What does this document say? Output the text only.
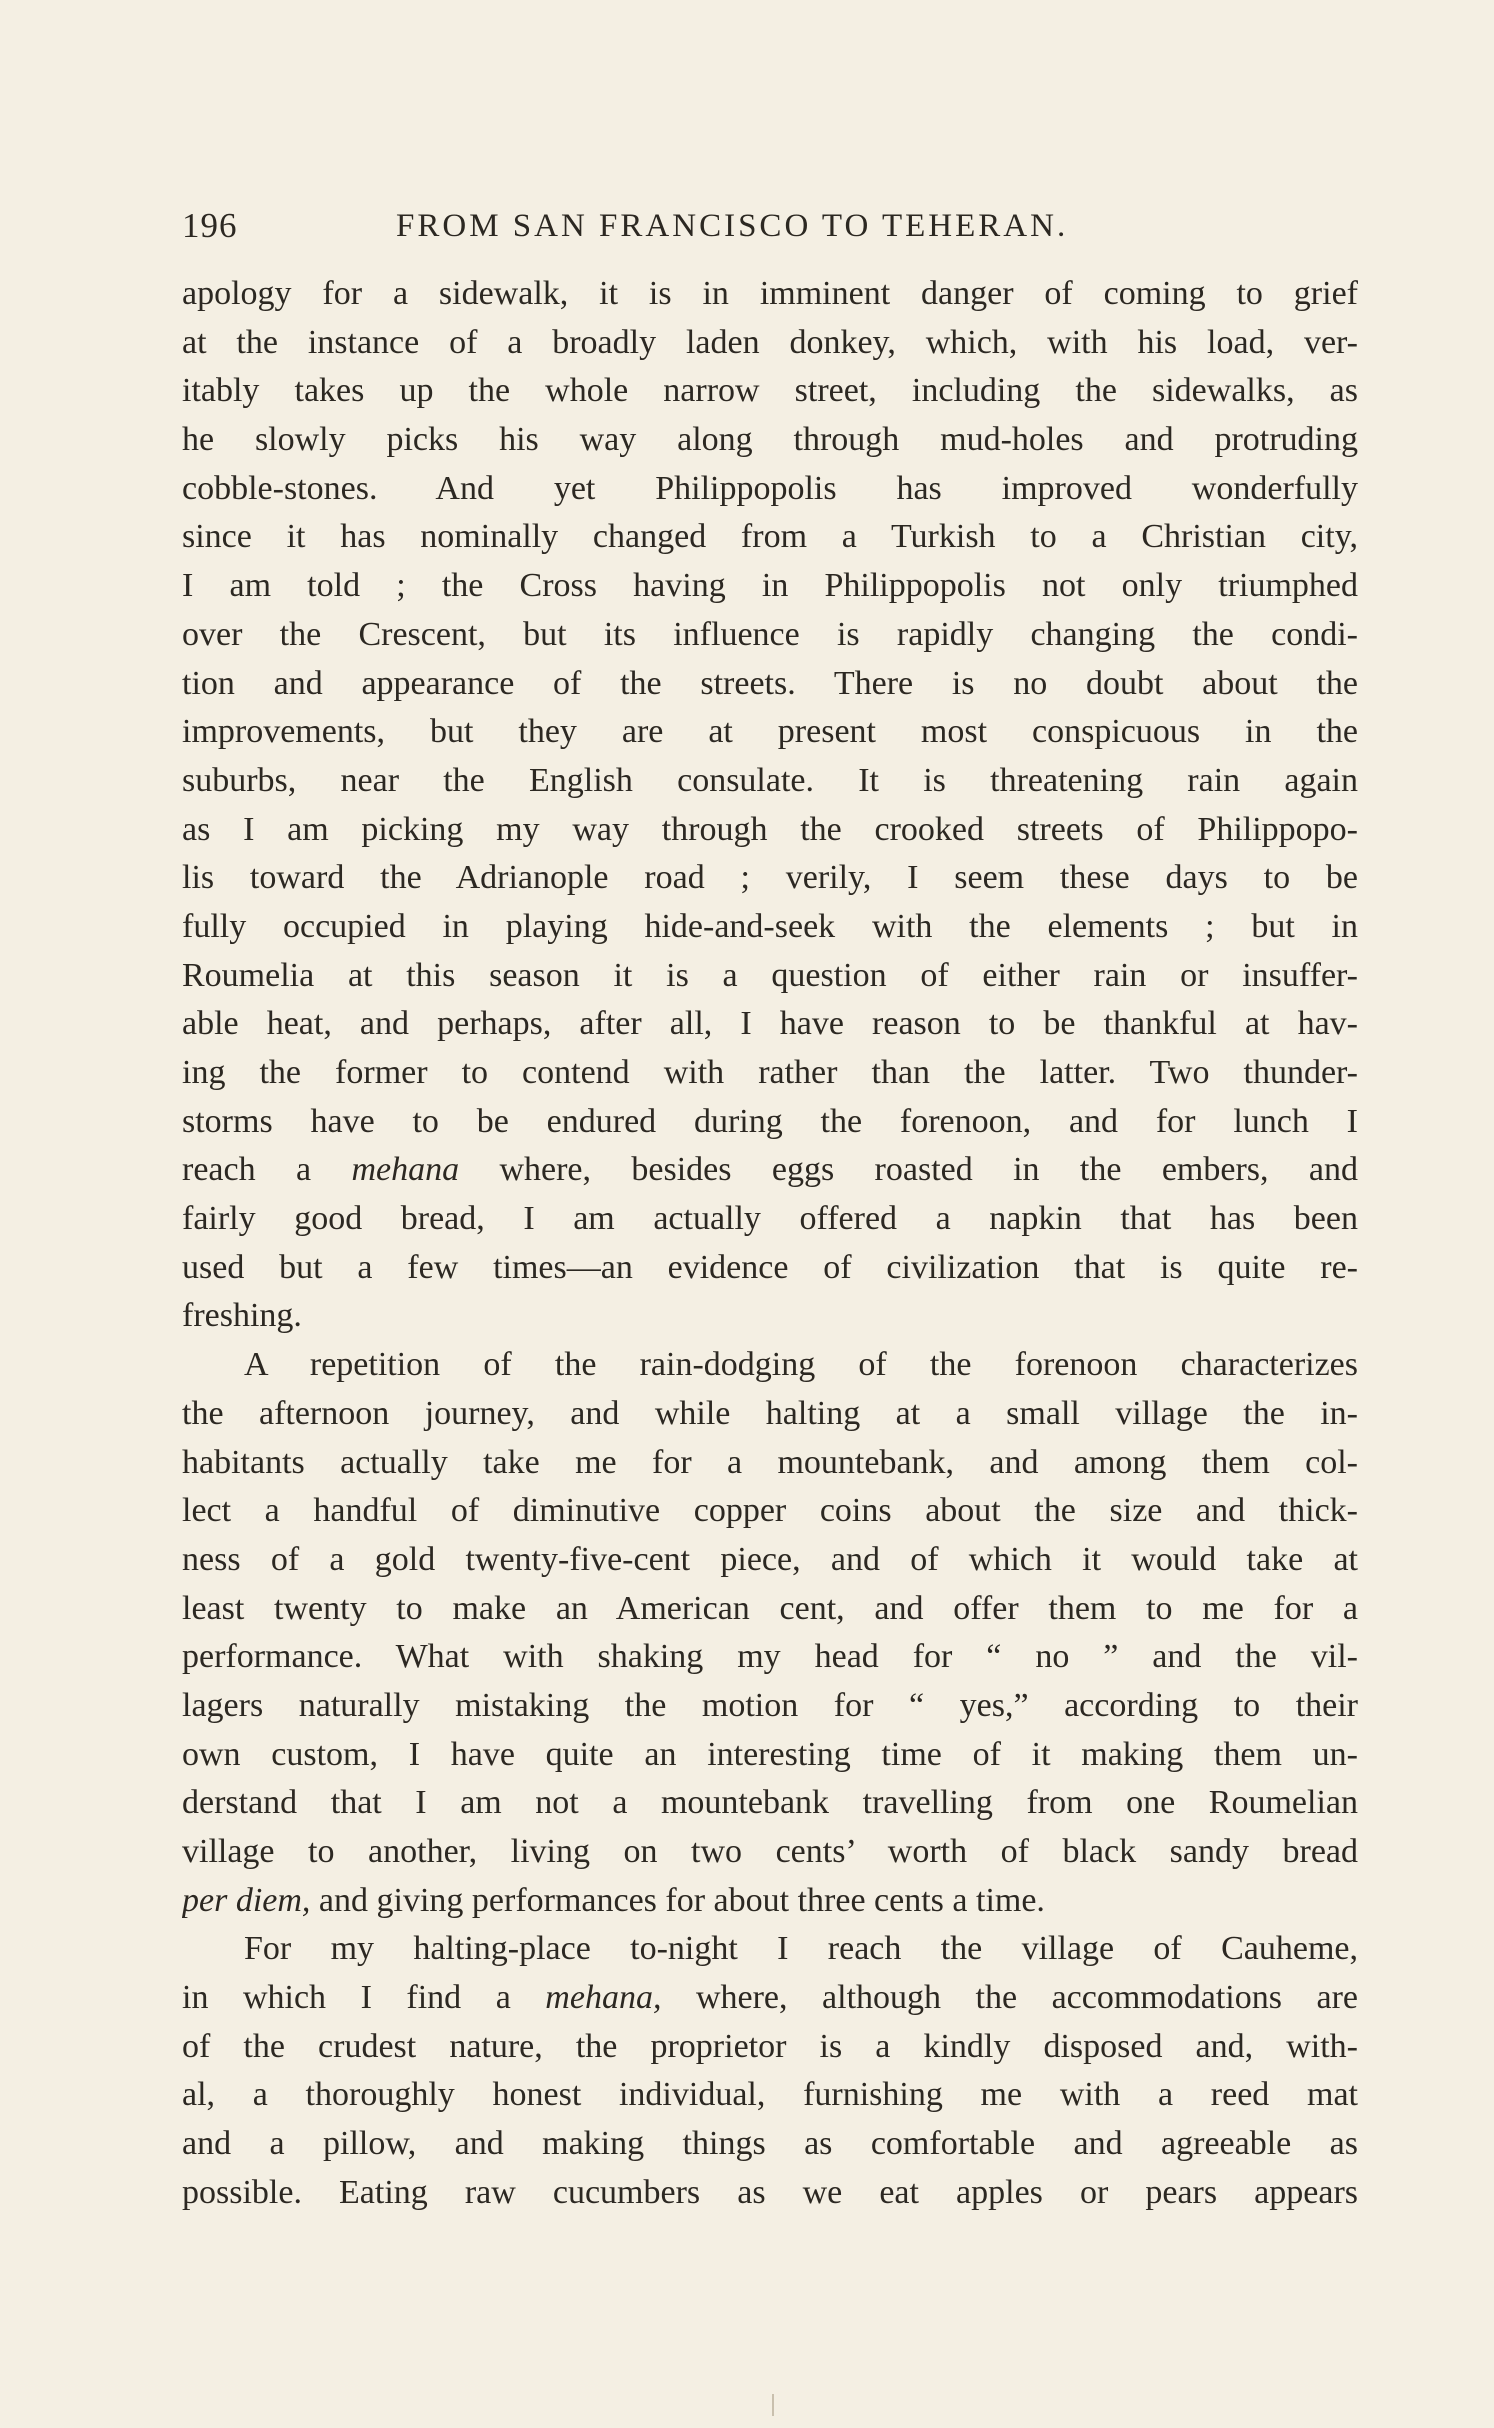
196	FROM SAN FRANCISCO TO TEHERAN.
apology for a sidewalk, it is in imminent danger of coming to grief
at the instance of a broadly laden donkey, which, with his load, ver-
itably takes up the whole narrow street, including the sidewalks, as
he slowly picks his way along through mud-holes and protruding
cobble-stones. And yet Philippopolis has improved wonderfully
since it has nominally changed from a Turkish to a Christian city,
I am told ; the Cross having in Philippopolis not only triumphed
over the Crescent, but its influence is rapidly changing the condi-
tion and appearance of the streets. There is no doubt about the
improvements, but they are at present most conspicuous in the
suburbs, near the English consulate. It is threatening rain again
as I am picking my way through the crooked streets of Philippopo-
lis toward the Adrianople road ; verily, I seem these days to be
fully occupied in playing hide-and-seek with the elements ; but in
Roumelia at this season it is a question of either rain or insuffer-
able heat, and perhaps, after all, I have reason to be thankful at hav-
ing the former to contend with rather than the latter. Two thunder-
storms have to be endured during the forenoon, and for lunch I
reach a mehana where, besides eggs roasted in the embers, and
fairly good bread, I am actually offered a napkin that has been
used but a few times—an evidence of civilization that is quite re-
freshing.
A repetition of the rain-dodging of the forenoon characterizes
the afternoon journey, and while halting at a small village the in-
habitants actually take me for a mountebank, and among them col-
lect a handful of diminutive copper coins about the size and thick-
ness of a gold twenty-five-cent piece, and of which it would take at
least twenty to make an American cent, and offer them to me for a
performance. What with shaking my head for “ no ” and the vil-
lagers naturally mistaking the motion for “ yes,” according to their
own custom, I have quite an interesting time of it making them un-
derstand that I am not a mountebank travelling from one Roumelian
village to another, living on two cents’ worth of black sandy bread
per diem, and giving performances for about three cents a time.
For my halting-place to-night I reach the village of Cauheme,
in which I find a mehana, where, although the accommodations are
of the crudest nature, the proprietor is a kindly disposed and, with-
al, a thoroughly honest individual, furnishing me with a reed mat
and a pillow, and making things as comfortable and agreeable as
possible. Eating raw cucumbers as we eat apples or pears appears
